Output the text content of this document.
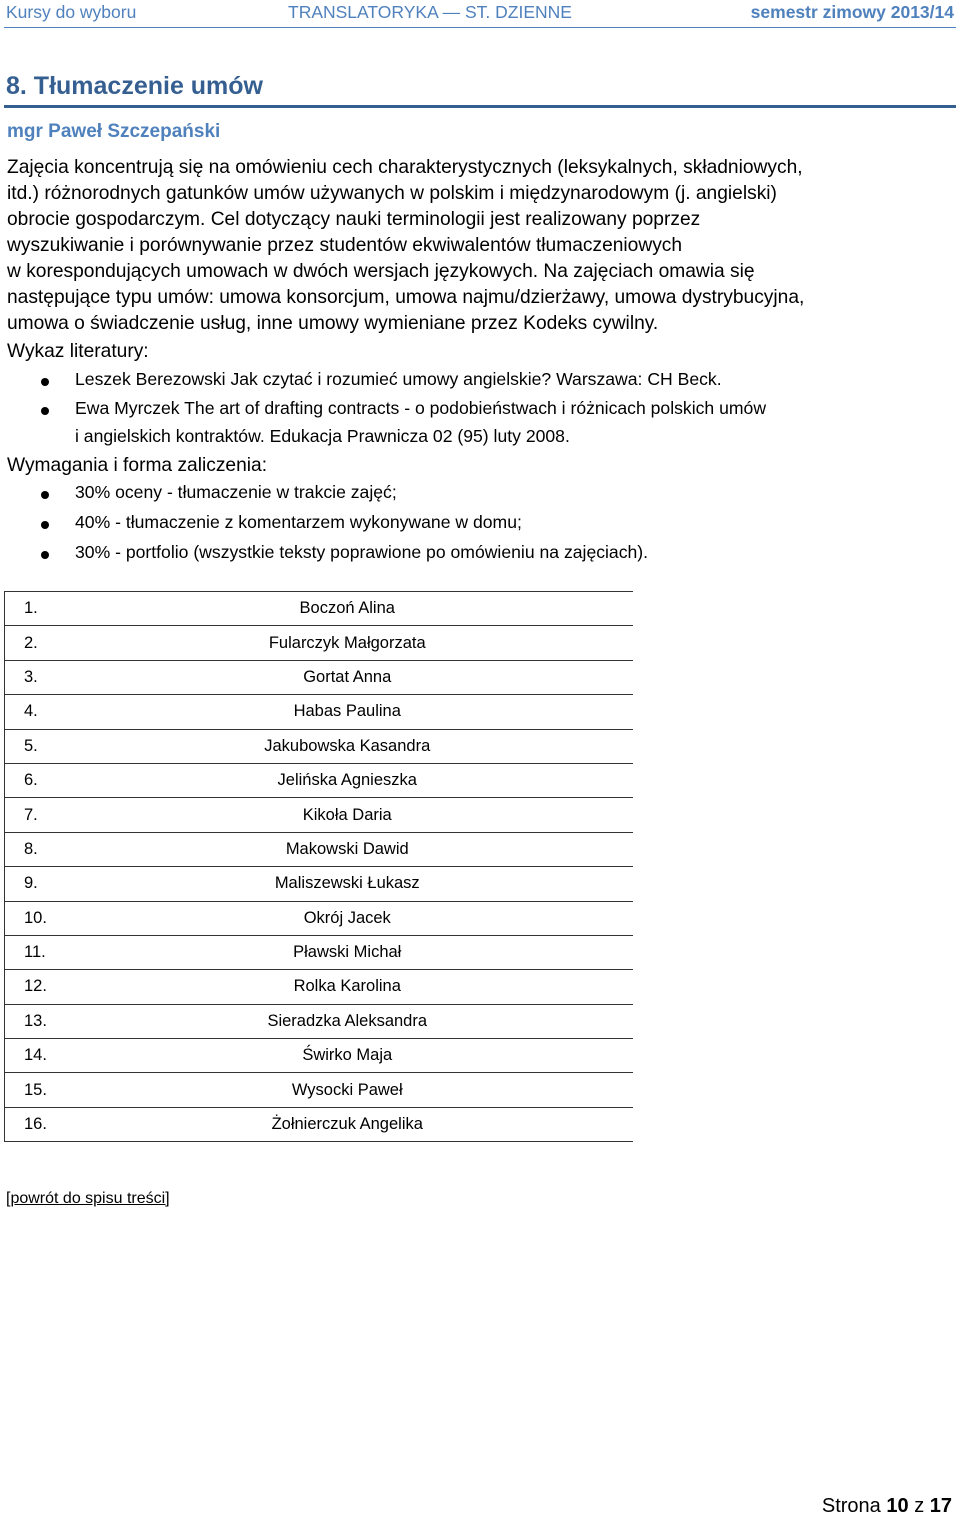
Kursy do wyboru	TRANSLATORYKA — ST. DZIENNE	semestr zimowy 2013/14
8. Tłumaczenie umów
mgr Paweł Szczepański
Zajęcia koncentrują się na omówieniu cech charakterystycznych (leksykalnych, składniowych,
itd.) różnorodnych gatunków umów używanych w polskim i międzynarodowym (j. angielski)
obrocie gospodarczym. Cel dotyczący nauki terminologii jest realizowany poprzez
wyszukiwanie i porównywanie przez studentów ekwiwalentów tłumaczeniowych
w korespondujących umowach w dwóch wersjach językowych. Na zajęciach omawia się
następujące typu umów: umowa konsorcjum, umowa najmu/dzierżawy, umowa dystrybucyjna,
umowa o świadczenie usług, inne umowy wymieniane przez Kodeks cywilny.
Wykaz literatury:
Leszek Berezowski Jak czytać i rozumieć umowy angielskie? Warszawa: CH Beck.
Ewa Myrczek The art of drafting contracts - o podobieństwach i różnicach polskich umów
i angielskich kontraktów. Edukacja Prawnicza 02 (95) luty 2008.
Wymagania i forma zaliczenia:
30% oceny - tłumaczenie w trakcie zajęć;
40% - tłumaczenie z komentarzem wykonywane w domu;
30% - portfolio (wszystkie teksty poprawione po omówieniu na zajęciach).
1.	Boczoń Alina
2.	Fularczyk Małgorzata
3.	Gortat Anna
4.	Habas Paulina
5.	Jakubowska Kasandra
6.	Jelińska Agnieszka
7.	Kikoła Daria
8.	Makowski Dawid
9.	Maliszewski Łukasz
10.	Okrój Jacek
11.	Pławski Michał
12.	Rolka Karolina
13.	Sieradzka Aleksandra
14.	Świrko Maja
15.	Wysocki Paweł
16.	Żołnierczuk Angelika
[powrót do spisu treści]
Strona 10 z 17
